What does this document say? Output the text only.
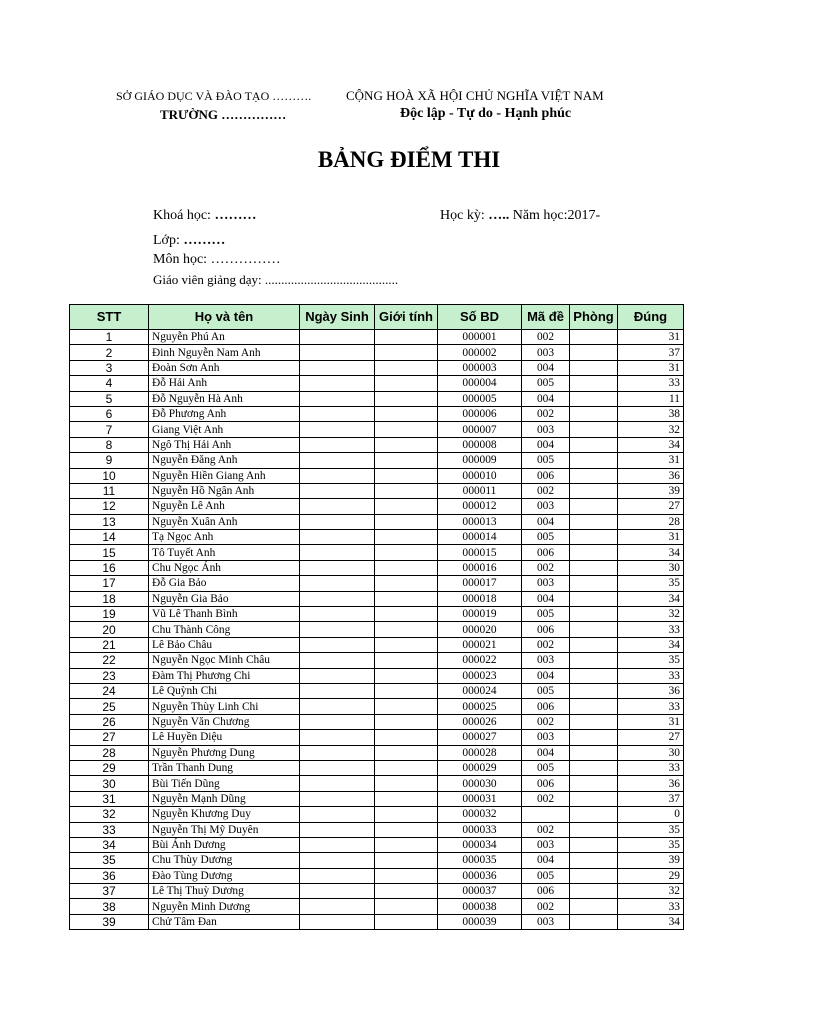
SỞ GIÁO DỤC VÀ ĐÀO TẠO ……….
TRƯỜNG ……………
CỘNG HOÀ XÃ HỘI CHỦ NGHĨA VIỆT NAM
Độc lập - Tự do - Hạnh phúc
BẢNG ĐIỂM THI
Khoá học: ………	Học kỳ: ….. Năm học:2017-
Lớp: ………
Môn học: ……………
Giáo viên giảng dạy: .........................................
STT	Họ và tên	Ngày Sinh	Giới tính	Số BD	Mã đề	Phòng	Đúng
1	Nguyễn Phú An			000001	002		31
2	Đinh Nguyễn Nam Anh			000002	003		37
3	Đoàn Sơn Anh			000003	004		31
4	Đỗ Hải Anh			000004	005		33
5	Đỗ Nguyễn Hà Anh			000005	004		11
6	Đỗ Phương Anh			000006	002		38
7	Giang Việt Anh			000007	003		32
8	Ngô Thị Hải Anh			000008	004		34
9	Nguyễn Đăng Anh			000009	005		31
10	Nguyễn Hiền Giang Anh			000010	006		36
11	Nguyễn Hồ Ngân Anh			000011	002		39
12	Nguyễn Lê Anh			000012	003		27
13	Nguyễn Xuân Anh			000013	004		28
14	Tạ Ngọc Anh			000014	005		31
15	Tô Tuyết Anh			000015	006		34
16	Chu Ngọc Ánh			000016	002		30
17	Đỗ Gia Bảo			000017	003		35
18	Nguyễn Gia Bảo			000018	004		34
19	Vũ Lê Thanh Bình			000019	005		32
20	Chu Thành Công			000020	006		33
21	Lê Bảo Châu			000021	002		34
22	Nguyễn Ngọc Minh Châu			000022	003		35
23	Đàm Thị Phương Chi			000023	004		33
24	Lê Quỳnh Chi			000024	005		36
25	Nguyễn Thùy Linh Chi			000025	006		33
26	Nguyễn Văn Chương			000026	002		31
27	Lê Huyền Diệu			000027	003		27
28	Nguyễn Phương Dung			000028	004		30
29	Trần Thanh Dung			000029	005		33
30	Bùi Tiến Dũng			000030	006		36
31	Nguyễn Mạnh Dũng			000031	002		37
32	Nguyễn Khương Duy			000032			0
33	Nguyễn Thị Mỹ Duyên			000033	002		35
34	Bùi Ánh Dương			000034	003		35
35	Chu Thùy Dương			000035	004		39
36	Đào Tùng Dương			000036	005		29
37	Lê Thị Thuỳ Dương			000037	006		32
38	Nguyễn Minh Dương			000038	002		33
39	Chử Tâm Đan			000039	003		34
